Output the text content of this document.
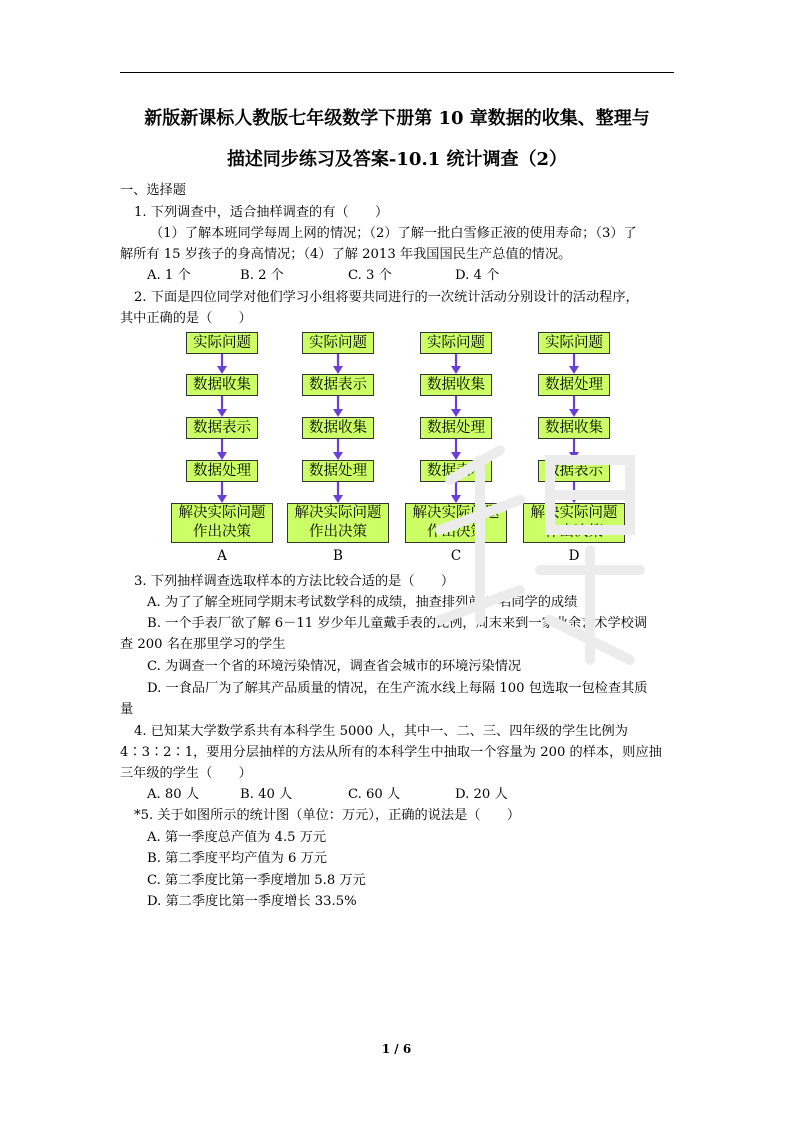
新版新课标人教版七年级数学下册第 10 章数据的收集、整理与
描述同步练习及答案-10.1 统计调查（2）
一、选择题
1. 下列调查中，适合抽样调查的有（　　）
（1）了解本班同学每周上网的情况；（2）了解一批白雪修正液的使用寿命；（3）了
解所有 15 岁孩子的身高情况；（4）了解 2013 年我国国民生产总值的情况。
A. 1 个	B. 2 个	C. 3 个	D. 4 个
2. 下面是四位同学对他们学习小组将要共同进行的一次统计活动分别设计的活动程序，
其中正确的是（　　）
实际问题
数据收集
数据表示
数据处理
解决实际问题
作出决策
A
实际问题
数据表示
数据收集
数据处理
解决实际问题
作出决策
B
实际问题
数据收集
数据处理
数据表示
解决实际问题
作出决策
C
实际问题
数据处理
数据收集
数据表示
解决实际问题
作出决策
D
3. 下列抽样调查选取样本的方法比较合适的是（　　）
A. 为了了解全班同学期末考试数学科的成绩，抽查排列前 5 名同学的成绩
B. 一个手表厂欲了解 6－11 岁少年儿童戴手表的比例，周末来到一家业余艺术学校调
查 200 名在那里学习的学生
C. 为调查一个省的环境污染情况，调查省会城市的环境污染情况
D. 一食品厂为了解其产品质量的情况，在生产流水线上每隔 100 包选取一包检查其质
量
4. 已知某大学数学系共有本科学生 5000 人，其中一、二、三、四年级的学生比例为
4∶3∶2∶1，要用分层抽样的方法从所有的本科学生中抽取一个容量为 200 的样本，则应抽
三年级的学生（　　）
A. 80 人	B. 40 人	C. 60 人	D. 20 人
*5. 关于如图所示的统计图（单位：万元），正确的说法是（　　）
A. 第一季度总产值为 4.5 万元
B. 第二季度平均产值为 6 万元
C. 第二季度比第一季度增加 5.8 万元
D. 第二季度比第一季度增长 33.5%
1 / 6
